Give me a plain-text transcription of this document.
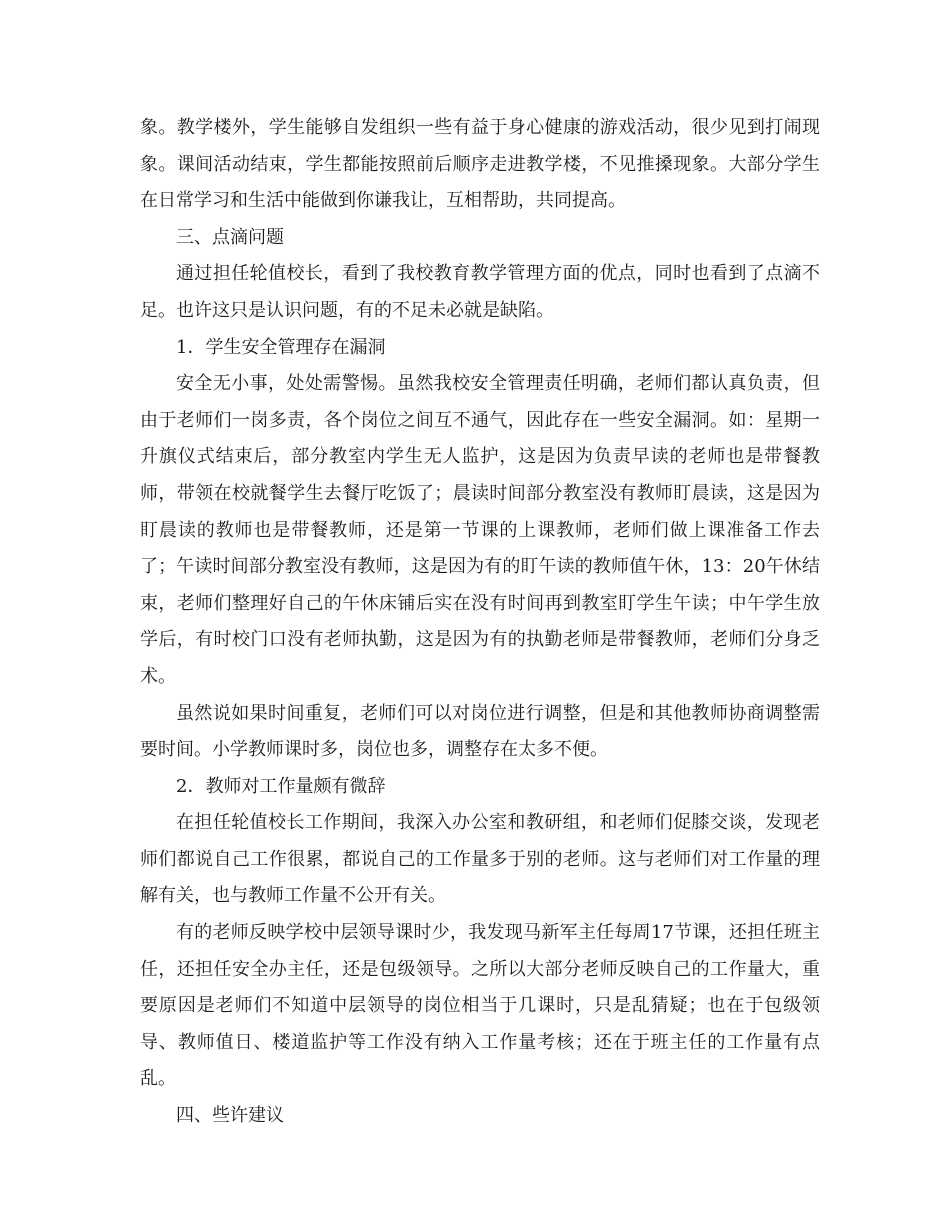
象。教学楼外，学生能够自发组织一些有益于身心健康的游戏活动，很少见到打闹现象。课间活动结束，学生都能按照前后顺序走进教学楼，不见推搡现象。大部分学生在日常学习和生活中能做到你谦我让，互相帮助，共同提高。

三、点滴问题

通过担任轮值校长，看到了我校教育教学管理方面的优点，同时也看到了点滴不足。也许这只是认识问题，有的不足未必就是缺陷。

1．学生安全管理存在漏洞

安全无小事，处处需警惕。虽然我校安全管理责任明确，老师们都认真负责，但由于老师们一岗多责，各个岗位之间互不通气，因此存在一些安全漏洞。如：星期一升旗仪式结束后，部分教室内学生无人监护，这是因为负责早读的老师也是带餐教师，带领在校就餐学生去餐厅吃饭了；晨读时间部分教室没有教师盯晨读，这是因为盯晨读的教师也是带餐教师，还是第一节课的上课教师，老师们做上课准备工作去了；午读时间部分教室没有教师，这是因为有的盯午读的教师值午休，13：20午休结束，老师们整理好自己的午休床铺后实在没有时间再到教室盯学生午读；中午学生放学后，有时校门口没有老师执勤，这是因为有的执勤老师是带餐教师，老师们分身乏术。

虽然说如果时间重复，老师们可以对岗位进行调整，但是和其他教师协商调整需要时间。小学教师课时多，岗位也多，调整存在太多不便。

2．教师对工作量颇有微辞

在担任轮值校长工作期间，我深入办公室和教研组，和老师们促膝交谈，发现老师们都说自己工作很累，都说自己的工作量多于别的老师。这与老师们对工作量的理解有关，也与教师工作量不公开有关。

有的老师反映学校中层领导课时少，我发现马新军主任每周17节课，还担任班主任，还担任安全办主任，还是包级领导。之所以大部分老师反映自己的工作量大，重要原因是老师们不知道中层领导的岗位相当于几课时，只是乱猜疑；也在于包级领导、教师值日、楼道监护等工作没有纳入工作量考核；还在于班主任的工作量有点乱。

四、些许建议
